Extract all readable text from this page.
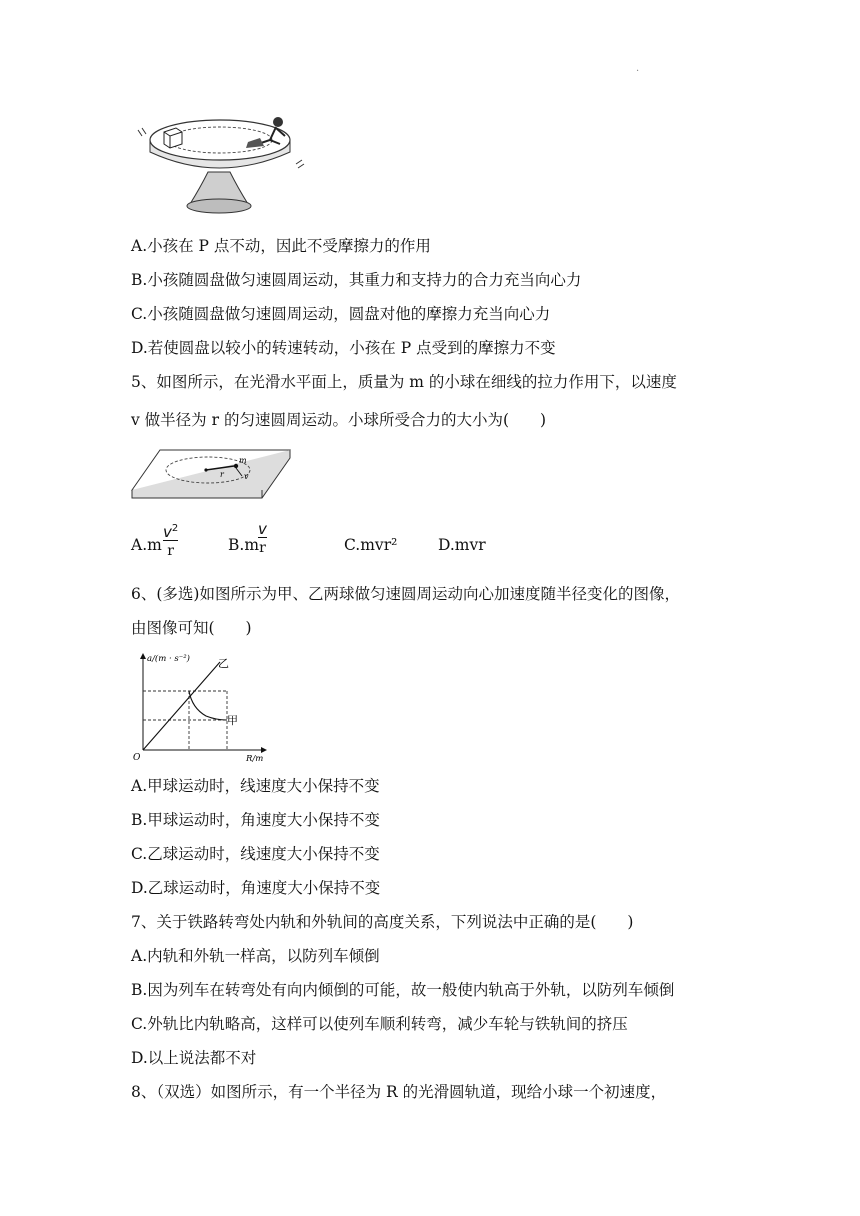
·
A.小孩在 P 点不动，因此不受摩擦力的作用
B.小孩随圆盘做匀速圆周运动，其重力和支持力的合力充当向心力
C.小孩随圆盘做匀速圆周运动，圆盘对他的摩擦力充当向心力
D.若使圆盘以较小的转速转动，小孩在 P 点受到的摩擦力不变
5、如图所示，在光滑水平面上，质量为 m 的小球在细线的拉力作用下，以速度
v 做半径为 r 的匀速圆周运动。小球所受合力的大小为(　　)
m
r	v
A.m
$v^2$
r	B.m
v
r	C.mvr²	D.mvr
6、(多选)如图所示为甲、乙两球做匀速圆周运动向心加速度随半径变化的图像，
由图像可知(　　)
a/(m · s⁻²)
R/m
O
乙
甲
A.甲球运动时，线速度大小保持不变
B.甲球运动时，角速度大小保持不变
C.乙球运动时，线速度大小保持不变
D.乙球运动时，角速度大小保持不变
7、关于铁路转弯处内轨和外轨间的高度关系，下列说法中正确的是(　　)
A.内轨和外轨一样高，以防列车倾倒
B.因为列车在转弯处有向内倾倒的可能，故一般使内轨高于外轨，以防列车倾倒
C.外轨比内轨略高，这样可以使列车顺利转弯，减少车轮与铁轨间的挤压
D.以上说法都不对
8、（双选）如图所示，有一个半径为 R 的光滑圆轨道，现给小球一个初速度，
